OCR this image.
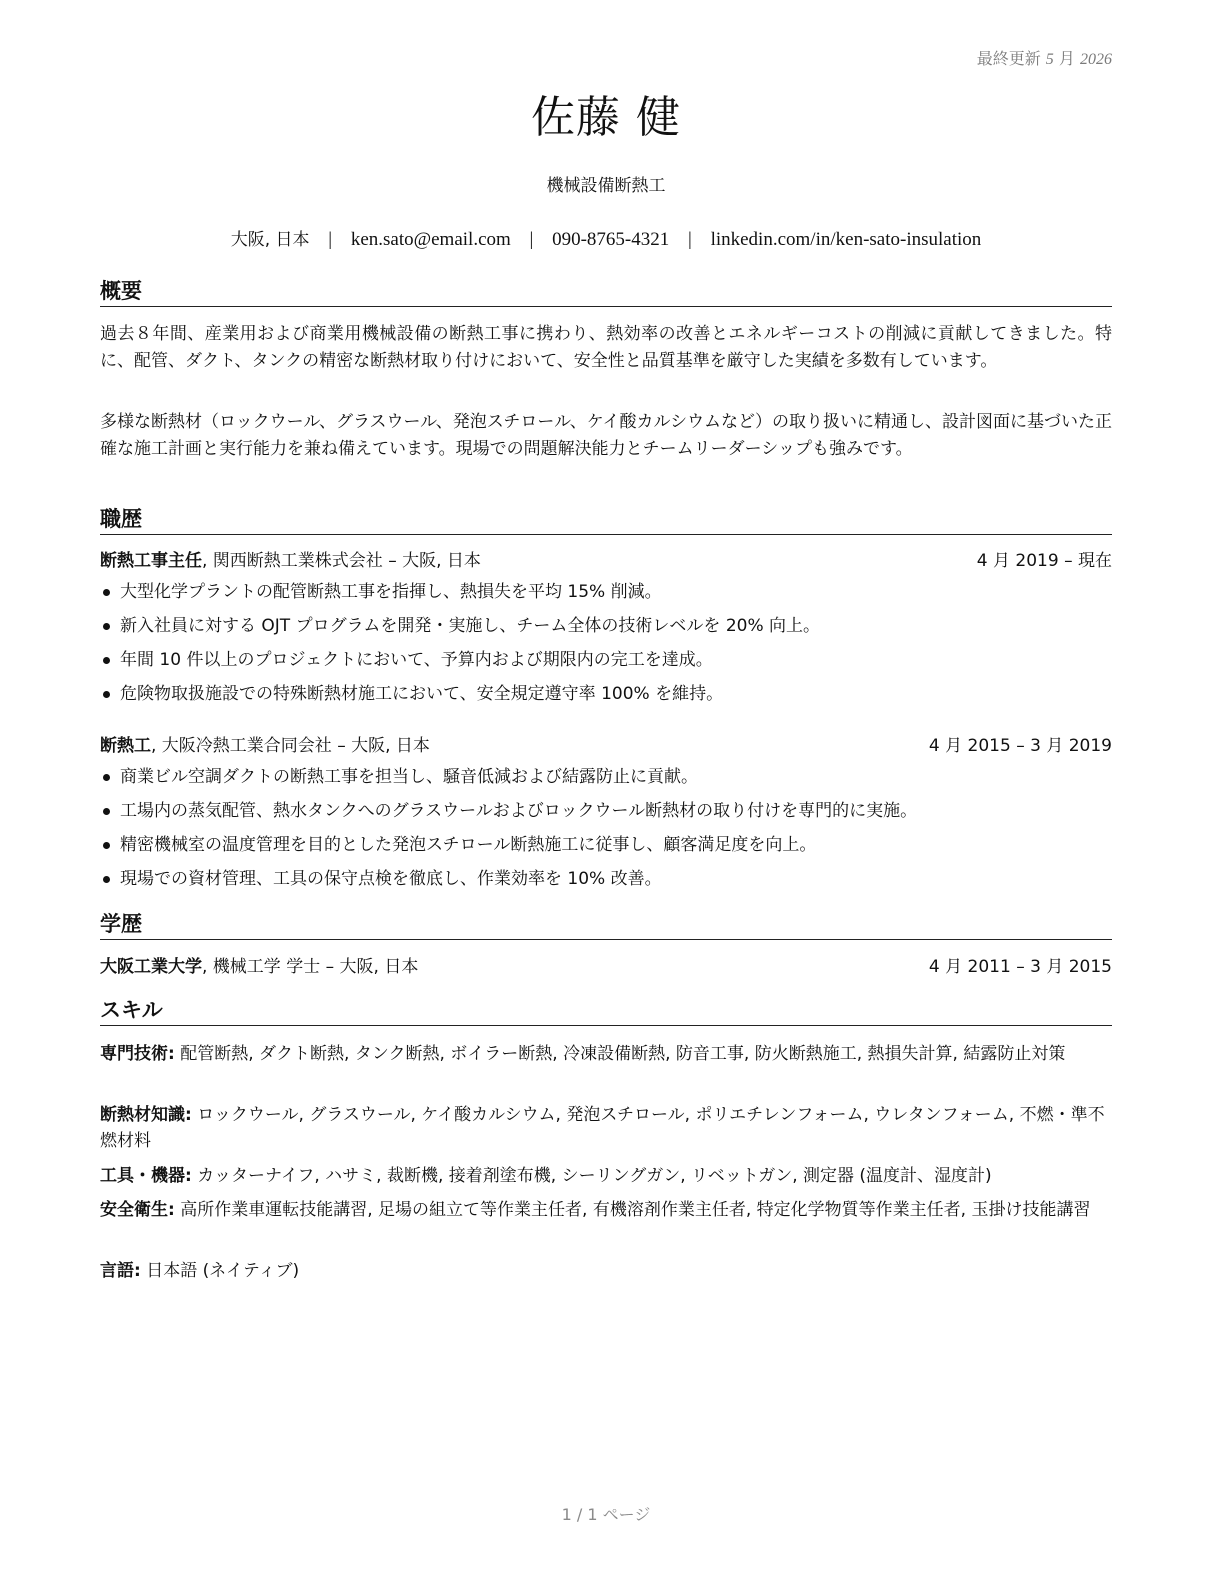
最終更新 5 月 2026
佐藤 健
機械設備断熱工
大阪, 日本 | ken.sato@email.com | 090-8765-4321 | linkedin.com/in/ken-sato-insulation
概要

過去８年間、産業用および商業用機械設備の断熱工事に携わり、熱効率の改善とエネルギーコストの削減に貢献してきました。特に、配管、ダクト、タンクの精密な断熱材取り付けにおいて、安全性と品質基準を厳守した実績を多数有しています。

多様な断熱材（ロックウール、グラスウール、発泡スチロール、ケイ酸カルシウムなど）の取り扱いに精通し、設計図面に基づいた正確な施工計画と実行能力を兼ね備えています。現場での問題解決能力とチームリーダーシップも強みです。

職歴
断熱工事主任, 関西断熱工業株式会社 – 大阪, 日本	4 月 2019 – 現在
大型化学プラントの配管断熱工事を指揮し、熱損失を平均 15% 削減。
新入社員に対する OJT プログラムを開発・実施し、チーム全体の技術レベルを 20% 向上。
年間 10 件以上のプロジェクトにおいて、予算内および期限内の完工を達成。
危険物取扱施設での特殊断熱材施工において、安全規定遵守率 100% を維持。
断熱工, 大阪冷熱工業合同会社 – 大阪, 日本	4 月 2015 – 3 月 2019
商業ビル空調ダクトの断熱工事を担当し、騒音低減および結露防止に貢献。
工場内の蒸気配管、熱水タンクへのグラスウールおよびロックウール断熱材の取り付けを専門的に実施。
精密機械室の温度管理を目的とした発泡スチロール断熱施工に従事し、顧客満足度を向上。
現場での資材管理、工具の保守点検を徹底し、作業効率を 10% 改善。
学歴
大阪工業大学, 機械工学 学士 – 大阪, 日本	4 月 2011 – 3 月 2015
スキル

専門技術: 配管断熱, ダクト断熱, タンク断熱, ボイラー断熱, 冷凍設備断熱, 防音工事, 防火断熱施工, 熱損失計算, 結露防止対策

断熱材知識: ロックウール, グラスウール, ケイ酸カルシウム, 発泡スチロール, ポリエチレンフォーム, ウレタンフォーム, 不燃・準不燃材料

工具・機器: カッターナイフ, ハサミ, 裁断機, 接着剤塗布機, シーリングガン, リベットガン, 測定器 (温度計、湿度計)

安全衛生: 高所作業車運転技能講習, 足場の組立て等作業主任者, 有機溶剤作業主任者, 特定化学物質等作業主任者, 玉掛け技能講習

言語: 日本語 (ネイティブ)

1 / 1 ページ
